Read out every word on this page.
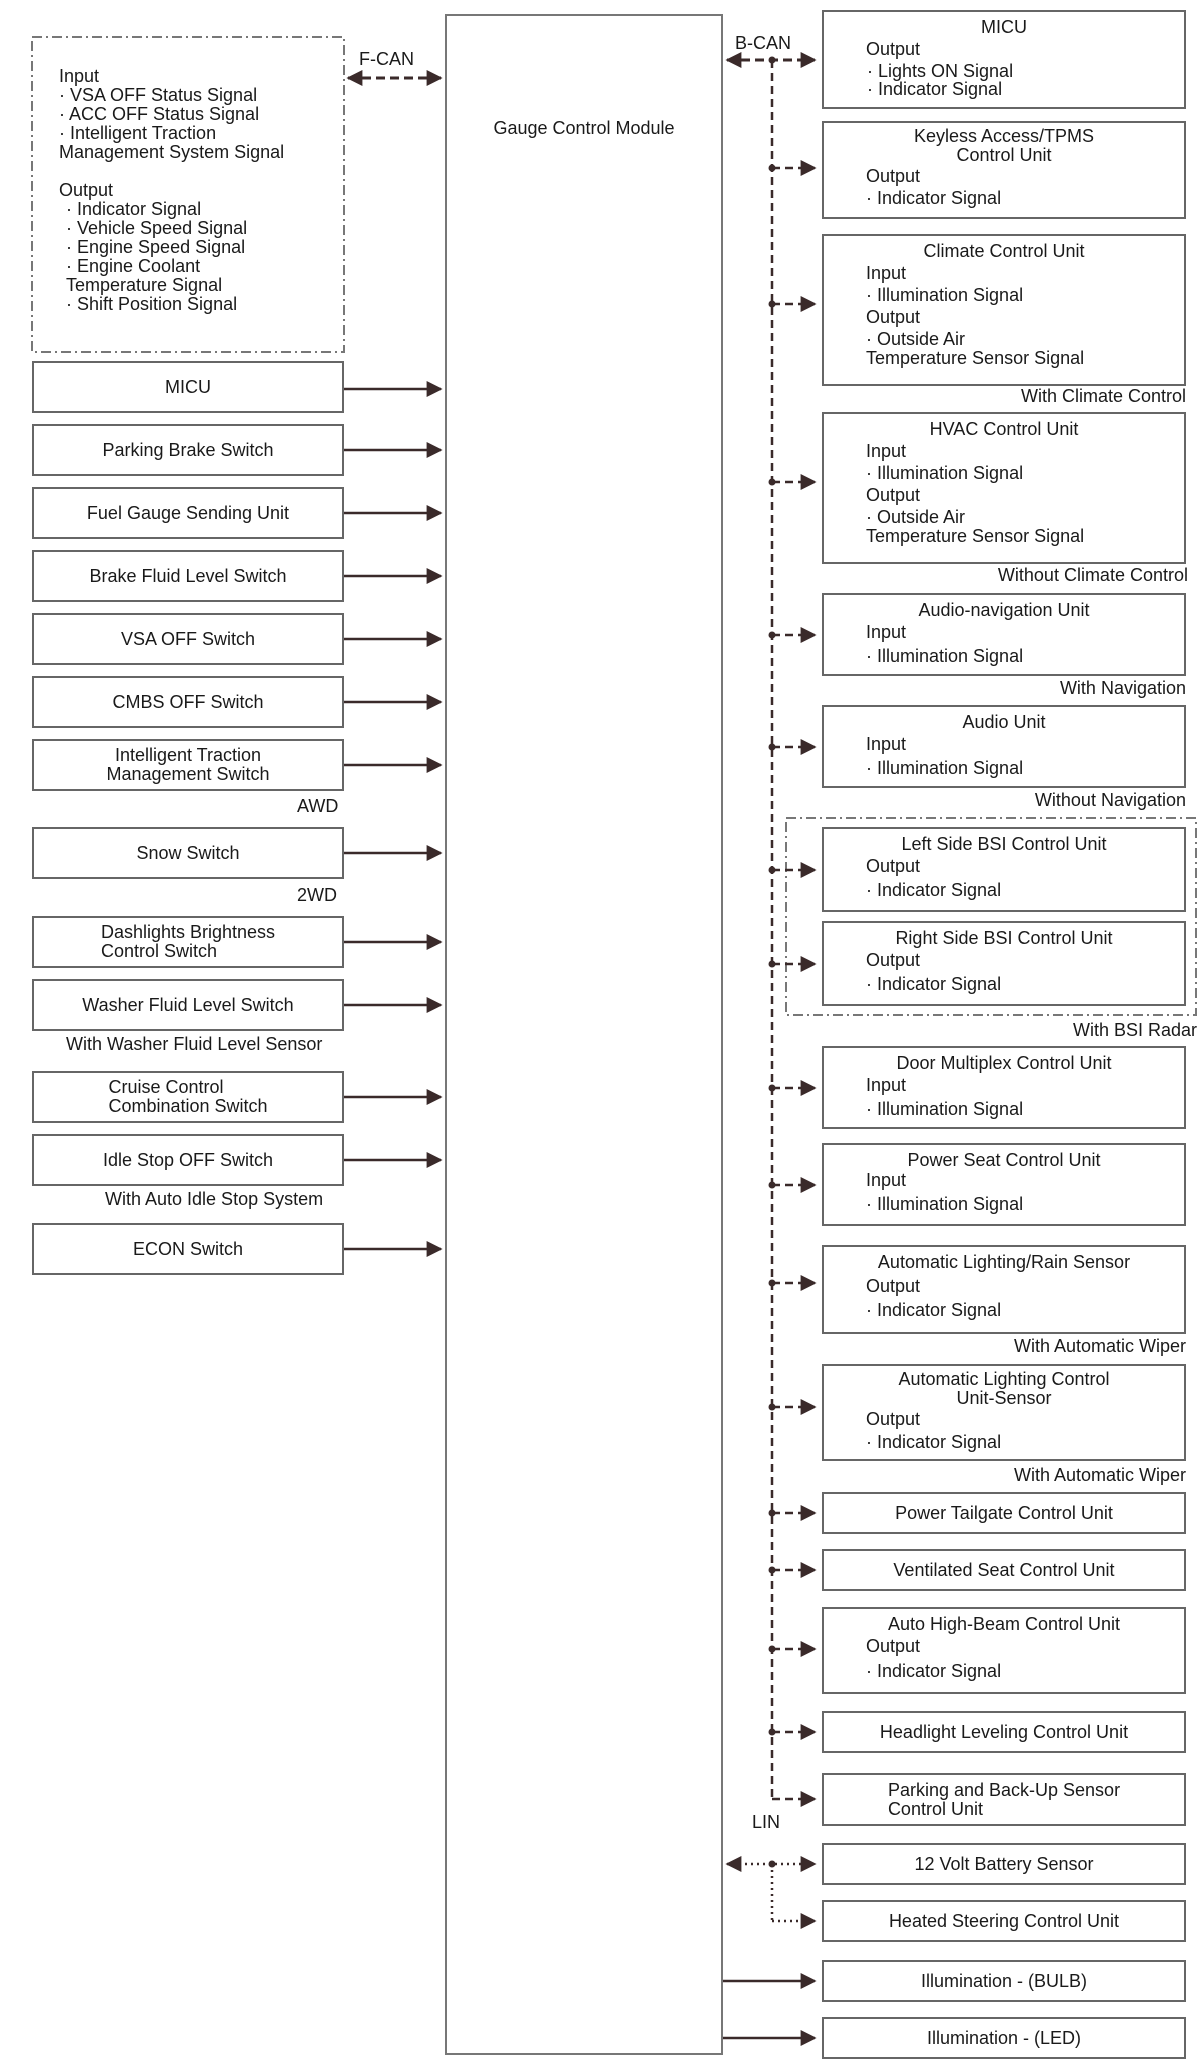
Input
· VSA OFF Status Signal
· ACC OFF Status Signal
· Intelligent Traction
Management System Signal
Output
· Indicator Signal
· Vehicle Speed Signal
· Engine Speed Signal
· Engine Coolant
Temperature Signal
· Shift Position Signal
Gauge Control Module
F-CAN
B-CAN
LIN
MICU
Parking Brake Switch
Fuel Gauge Sending Unit
Brake Fluid Level Switch
VSA OFF Switch
CMBS OFF Switch
Intelligent Traction
Management Switch
AWD
Snow Switch
2WD
Dashlights Brightness
Control Switch
Washer Fluid Level Switch
With Washer Fluid Level Sensor
Cruise Control
Combination Switch
Idle Stop OFF Switch
With Auto Idle Stop System
ECON Switch
MICU
Output
· Lights ON Signal
· Indicator Signal
Keyless Access/TPMS
Control Unit
Output
· Indicator Signal
Climate Control Unit
Input
· Illumination Signal
Output
· Outside Air
Temperature Sensor Signal
With Climate Control
HVAC Control Unit
Input
· Illumination Signal
Output
· Outside Air
Temperature Sensor Signal
Without Climate Control
Audio-navigation Unit
Input
· Illumination Signal
With Navigation
Audio Unit
Input
· Illumination Signal
Without Navigation
Left Side BSI Control Unit
Output
· Indicator Signal
Right Side BSI Control Unit
Output
· Indicator Signal
With BSI Radar
Door Multiplex Control Unit
Input
· Illumination Signal
Power Seat Control Unit
Input
· Illumination Signal
Automatic Lighting/Rain Sensor
Output
· Indicator Signal
With Automatic Wiper
Automatic Lighting Control
Unit-Sensor
Output
· Indicator Signal
With Automatic Wiper
Power Tailgate Control Unit
Ventilated Seat Control Unit
Auto High-Beam Control Unit
Output
· Indicator Signal
Headlight Leveling Control Unit
Parking and Back-Up Sensor
Control Unit
12 Volt Battery Sensor
Heated Steering Control Unit
Illumination - (BULB)
Illumination - (LED)
